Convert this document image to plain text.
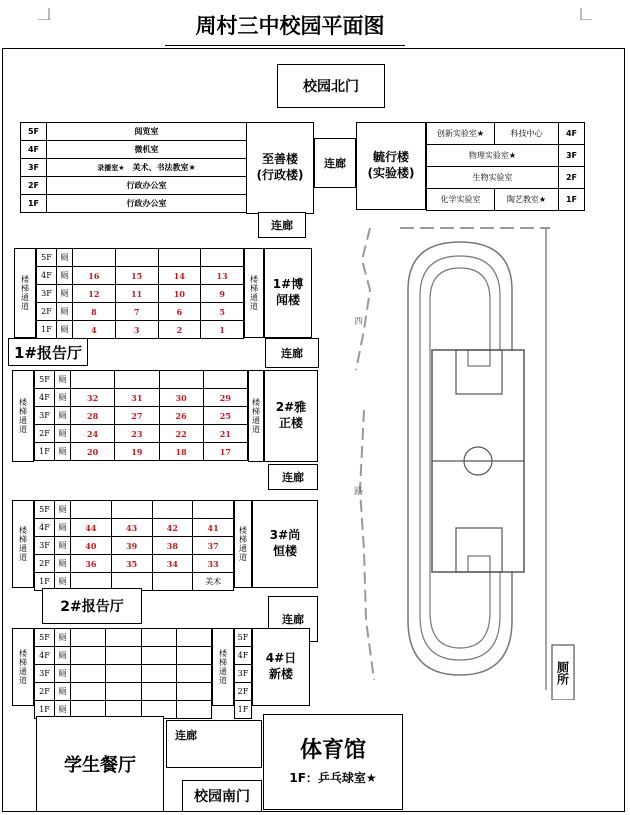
周村三中校园平面图
校园北门
5F	阅览室
4F	微机室
3F	录播室★ 美术、书法教室★
2F	行政办公室
1F	行政办公室
至善楼
(行政楼)
连廊	毓行楼
(实验楼)
创新实验室★	科技中心	4F
物理实验室★		3F
生物实验室		2F
化学实验室	陶艺教室★	1F
连廊
连廊
连廊
连廊
楼梯通道
5F	厕				
4F	厕	16	15	14	13
3F	厕	12	11	10	9
2F	厕	8	7	6	5
1F	厕	4	3	2	1
楼梯通道	1#博闻楼
1#报告厅
楼梯通道
5F	厕				
4F	厕	32	31	30	29
3F	厕	28	27	26	25
2F	厕	24	23	22	21
1F	厕	20	19	18	17
楼梯通道	2#雅正楼
楼梯通道
5F	厕				
4F	厕	44	43	42	41
3F	厕	40	39	38	37
2F	厕	36	35	34	33
1F	厕				美术
楼梯通道	3#尚恒楼
2#报告厅
楼梯通道
5F	厕				
4F	厕				
3F	厕				
2F	厕				
1F	厕				
楼梯通道
5F
4F
3F
2F
1F
4#日新楼
学生餐厅
连廊
校园南门
体育馆
1F：乒乓球室★
西
路
厕所
